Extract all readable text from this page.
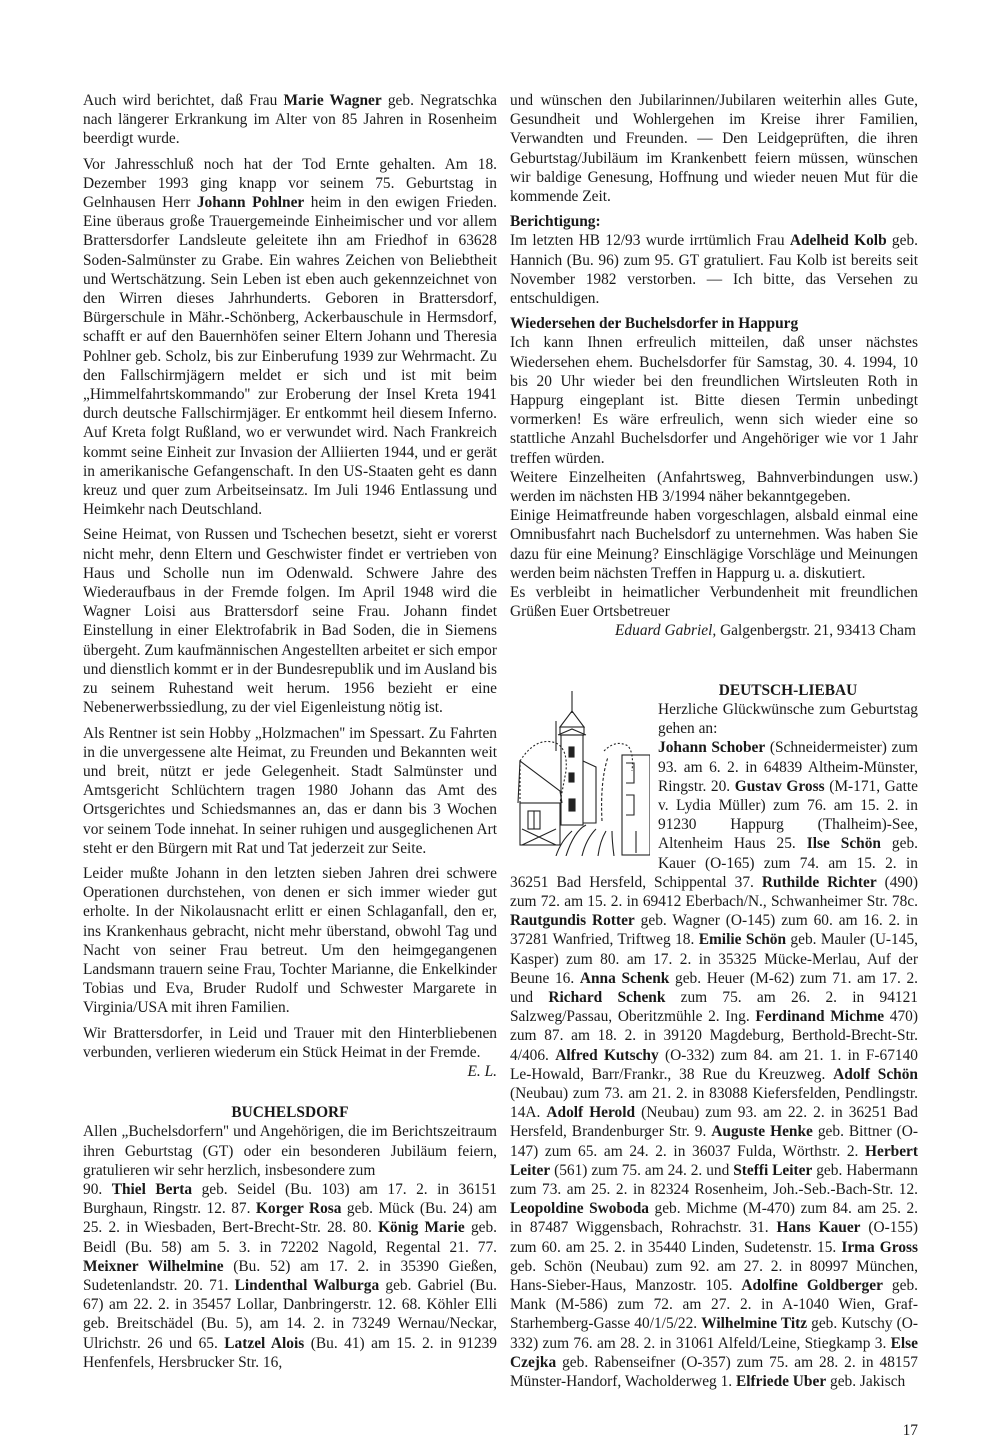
Auch wird berichtet, daß Frau Marie Wagner geb. Negratschka nach längerer Erkrankung im Alter von 85 Jahren in Rosenheim beerdigt wurde.
Vor Jahresschluß noch hat der Tod Ernte gehalten. Am 18. Dezember 1993 ging knapp vor seinem 75. Geburtstag in Gelnhausen Herr Johann Pohlner heim in den ewigen Frieden. Eine überaus große Trauergemeinde Einheimischer und vor allem Brattersdorfer Landsleute geleitete ihn am Friedhof in 63628 Soden-Salmünster zu Grabe. Ein wahres Zeichen von Beliebtheit und Wertschätzung. Sein Leben ist eben auch gekennzeichnet von den Wirren dieses Jahrhunderts. Geboren in Brattersdorf, Bürgerschule in Mähr.-Schönberg, Ackerbauschule in Hermsdorf, schafft er auf den Bauernhöfen seiner Eltern Johann und Theresia Pohlner geb. Scholz, bis zur Einberufung 1939 zur Wehrmacht. Zu den Fallschirmjägern meldet er sich und ist mit beim „Himmelfahrtskommando'' zur Eroberung der Insel Kreta 1941 durch deutsche Fallschirmjäger. Er entkommt heil diesem Inferno. Auf Kreta folgt Rußland, wo er verwundet wird. Nach Frankreich kommt seine Einheit zur Invasion der Alliierten 1944, und er gerät in amerikanische Gefangenschaft. In den US-Staaten geht es dann kreuz und quer zum Arbeitseinsatz. Im Juli 1946 Entlassung und Heimkehr nach Deutschland.
Seine Heimat, von Russen und Tschechen besetzt, sieht er vorerst nicht mehr, denn Eltern und Geschwister findet er vertrieben von Haus und Scholle nun im Odenwald. Schwere Jahre des Wiederaufbaus in der Fremde folgen. Im April 1948 wird die Wagner Loisi aus Brattersdorf seine Frau. Johann findet Einstellung in einer Elektrofabrik in Bad Soden, die in Siemens übergeht. Zum kaufmännischen Angestellten arbeitet er sich empor und dienstlich kommt er in der Bundesrepublik und im Ausland bis zu seinem Ruhestand weit herum. 1956 bezieht er eine Nebenerwerbssiedlung, zu der viel Eigenleistung nötig ist.
Als Rentner ist sein Hobby „Holzmachen'' im Spessart. Zu Fahrten in die unvergessene alte Heimat, zu Freunden und Bekannten weit und breit, nützt er jede Gelegenheit. Stadt Salmünster und Amtsgericht Schlüchtern tragen 1980 Johann das Amt des Ortsgerichtes und Schiedsmannes an, das er dann bis 3 Wochen vor seinem Tode innehat. In seiner ruhigen und ausgeglichenen Art steht er den Bürgern mit Rat und Tat jederzeit zur Seite.
Leider mußte Johann in den letzten sieben Jahren drei schwere Operationen durchstehen, von denen er sich immer wieder gut erholte. In der Nikolausnacht erlitt er einen Schlaganfall, den er, ins Krankenhaus gebracht, nicht mehr überstand, obwohl Tag und Nacht von seiner Frau betreut. Um den heimgegangenen Landsmann trauern seine Frau, Tochter Marianne, die Enkelkinder Tobias und Eva, Bruder Rudolf und Schwester Margarete in Virginia/USA mit ihren Familien.
Wir Brattersdorfer, in Leid und Trauer mit den Hinterbliebenen verbunden, verlieren wiederum ein Stück Heimat in der Fremde.
E. L.
BUCHELSDORF
Allen „Buchelsdorfern'' und Angehörigen, die im Berichtszeitraum ihren Geburtstag (GT) oder ein besonderen Jubiläum feiern, gratulieren wir sehr herzlich, insbesondere zum
90. Thiel Berta geb. Seidel (Bu. 103) am 17. 2. in 36151 Burghaun, Ringstr. 12. 87. Korger Rosa geb. Mück (Bu. 24) am 25. 2. in Wiesbaden, Bert-Brecht-Str. 28. 80. König Marie geb. Beidl (Bu. 58) am 5. 3. in 72202 Nagold, Regental 21. 77. Meixner Wilhelmine (Bu. 52) am 17. 2. in 35390 Gießen, Sudetenlandstr. 20. 71. Lindenthal Walburga geb. Gabriel (Bu. 67) am 22. 2. in 35457 Lollar, Danbringerstr. 12. 68. Köhler Elli geb. Breitschädel (Bu. 5), am 14. 2. in 73249 Wernau/Neckar, Ulrichstr. 26 und 65. Latzel Alois (Bu. 41) am 15. 2. in 91239 Henfenfels, Hersbrucker Str. 16,
und wünschen den Jubilarinnen/Jubilaren weiterhin alles Gute, Gesundheit und Wohlergehen im Kreise ihrer Familien, Verwandten und Freunden. — Den Leidgeprüften, die ihren Geburtstag/Jubiläum im Krankenbett feiern müssen, wünschen wir baldige Genesung, Hoffnung und wieder neuen Mut für die kommende Zeit.
Berichtigung:
Im letzten HB 12/93 wurde irrtümlich Frau Adelheid Kolb geb. Hannich (Bu. 96) zum 95. GT gratuliert. Fau Kolb ist bereits seit November 1982 verstorben. — Ich bitte, das Versehen zu entschuldigen.
Wiedersehen der Buchelsdorfer in Happurg
Ich kann Ihnen erfreulich mitteilen, daß unser nächstes Wiedersehen ehem. Buchelsdorfer für Samstag, 30. 4. 1994, 10 bis 20 Uhr wieder bei den freundlichen Wirtsleuten Roth in Happurg eingeplant ist. Bitte diesen Termin unbedingt vormerken! Es wäre erfreulich, wenn sich wieder eine so stattliche Anzahl Buchelsdorfer und Angehöriger wie vor 1 Jahr treffen würden.
Weitere Einzelheiten (Anfahrtsweg, Bahnverbindungen usw.) werden im nächsten HB 3/1994 näher bekanntgegeben.
Einige Heimatfreunde haben vorgeschlagen, alsbald einmal eine Omnibusfahrt nach Buchelsdorf zu unternehmen. Was haben Sie dazu für eine Meinung? Einschlägige Vorschläge und Meinungen werden beim nächsten Treffen in Happurg u. a. diskutiert.
Es verbleibt in heimatlicher Verbundenheit mit freundlichen Grüßen Euer Ortsbetreuer
Eduard Gabriel, Galgenbergstr. 21, 93413 Cham
DEUTSCH-LIEBAU
Herzliche Glückwünsche zum Geburtstag gehen an:
Johann Schober (Schneidermeister) zum 93. am 6. 2. in 64839 Altheim-Münster, Ringstr. 20. Gustav Gross (M-171, Gatte v. Lydia Müller) zum 76. am 15. 2. in 91230 Happurg (Thalheim)-See, Altenheim Haus 25. Ilse Schön geb. Kauer (O-165) zum 74. am 15. 2. in 36251 Bad Hersfeld, Schippental 37. Ruthilde Richter (490) zum 72. am 15. 2. in 69412 Eberbach/N., Schwanheimer Str. 78c. Rautgundis Rotter geb. Wagner (O-145) zum 60. am 16. 2. in 37281 Wanfried, Triftweg 18. Emilie Schön geb. Mauler (U-145, Kasper) zum 80. am 17. 2. in 35325 Mücke-Merlau, Auf der Beune 16. Anna Schenk geb. Heuer (M-62) zum 71. am 17. 2. und Richard Schenk zum 75. am 26. 2. in 94121 Salzweg/Passau, Oberitzmühle 2. Ing. Ferdinand Michme 470) zum 87. am 18. 2. in 39120 Magdeburg, Berthold-Brecht-Str. 4/406. Alfred Kutschy (O-332) zum 84. am 21. 1. in F-67140 Le-Howald, Barr/Frankr., 38 Rue du Kreuzweg. Adolf Schön (Neubau) zum 73. am 21. 2. in 83088 Kiefersfelden, Pendlingstr. 14A. Adolf Herold (Neubau) zum 93. am 22. 2. in 36251 Bad Hersfeld, Brandenburger Str. 9. Auguste Henke geb. Bittner (O-147) zum 65. am 24. 2. in 36037 Fulda, Wörthstr. 2. Herbert Leiter (561) zum 75. am 24. 2. und Steffi Leiter geb. Habermann zum 73. am 25. 2. in 82324 Rosenheim, Joh.-Seb.-Bach-Str. 12. Leopoldine Swoboda geb. Michme (M-470) zum 84. am 25. 2. in 87487 Wiggensbach, Rohrachstr. 31. Hans Kauer (O-155) zum 60. am 25. 2. in 35440 Linden, Sudetenstr. 15. Irma Gross geb. Schön (Neubau) zum 92. am 27. 2. in 80997 München, Hans-Sieber-Haus, Manzostr. 105. Adolfine Goldberger geb. Mank (M-586) zum 72. am 27. 2. in A-1040 Wien, Graf-Starhemberg-Gasse 40/1/5/22. Wilhelmine Titz geb. Kutschy (O-332) zum 76. am 28. 2. in 31061 Alfeld/Leine, Stiegkamp 3. Else Czejka geb. Rabenseifner (O-357) zum 75. am 28. 2. in 48157 Münster-Handorf, Wacholderweg 1. Elfriede Uber geb. Jakisch
17
